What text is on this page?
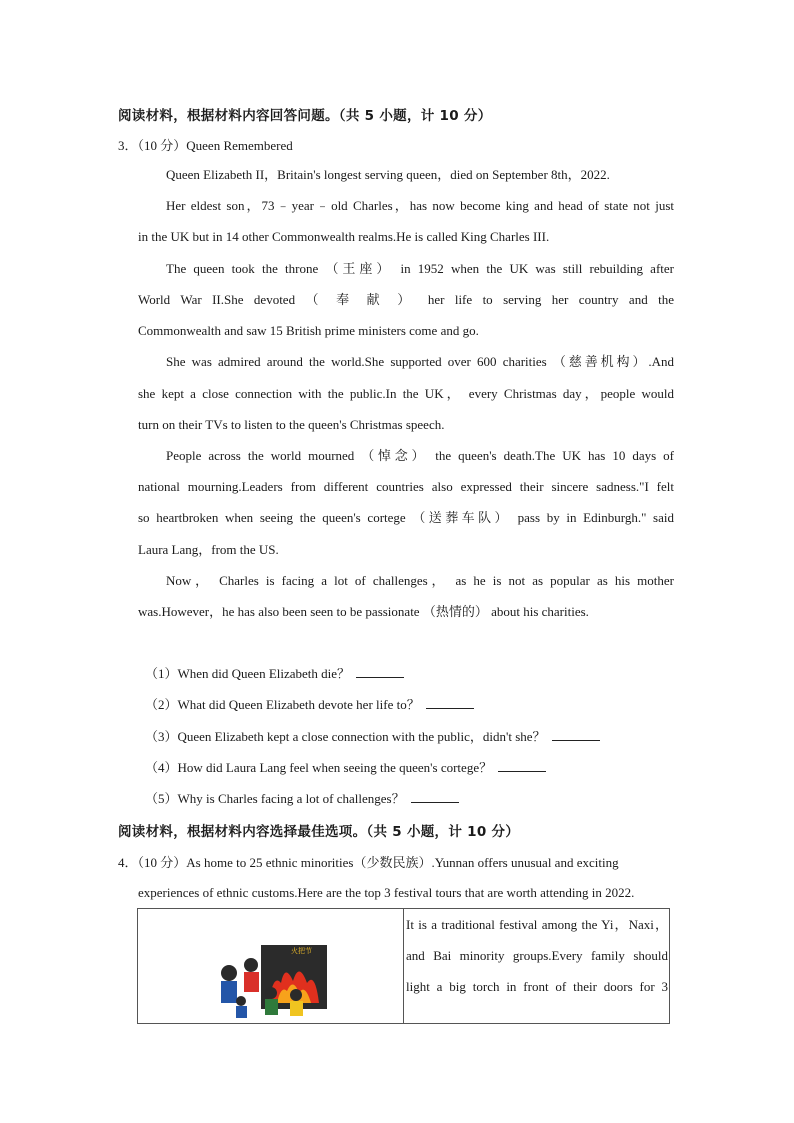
阅读材料，根据材料内容回答问题。（共 5 小题，计 10 分）
3．（10 分）Queen Remembered
Queen Elizabeth II，Britain's longest serving queen，died on September 8th，2022.
Her eldest son，73﹣year﹣old Charles，has now become king and head of state not just
in the UK but in 14 other Commonwealth realms.He is called King Charles III.
The queen took the throne （王座） in 1952 when the UK was still rebuilding after
World War II.She devoted （ 奉 献 ） her life to serving her country and the
Commonwealth and saw 15 British prime ministers come and go.
She was admired around the world.She supported over 600 charities （慈善机构）.And
she kept a close connection with the public.In the UK， every Christmas day，people would
turn on their TVs to listen to the queen's Christmas speech.
People across the world mourned （悼念） the queen's death.The UK has 10 days of
national mourning.Leaders from different countries also expressed their sincere sadness."I felt
so heartbroken when seeing the queen's cortege （送葬车队） pass by in Edinburgh." said
Laura Lang，from the US.
Now， Charles is facing a lot of challenges， as he is not as popular as his mother
was.However，he has also been seen to be passionate （热情的） about his charities.
（1）When did Queen Elizabeth die？
（2）What did Queen Elizabeth devote her life to？
（3）Queen Elizabeth kept a close connection with the public，didn't she？
（4）How did Laura Lang feel when seeing the queen's cortege？
（5）Why is Charles facing a lot of challenges？
阅读材料，根据材料内容选择最佳选项。（共 5 小题，计 10 分）
4．（10 分）As home to 25 ethnic minorities（少数民族）.Yunnan offers unusual and exciting
experiences of ethnic customs.Here are the top 3 festival tours that are worth attending in 2022.
火把节
It is a traditional festival among the Yi，Naxi，
and Bai minority groups.Every family should
light a big torch in front of their doors for 3
